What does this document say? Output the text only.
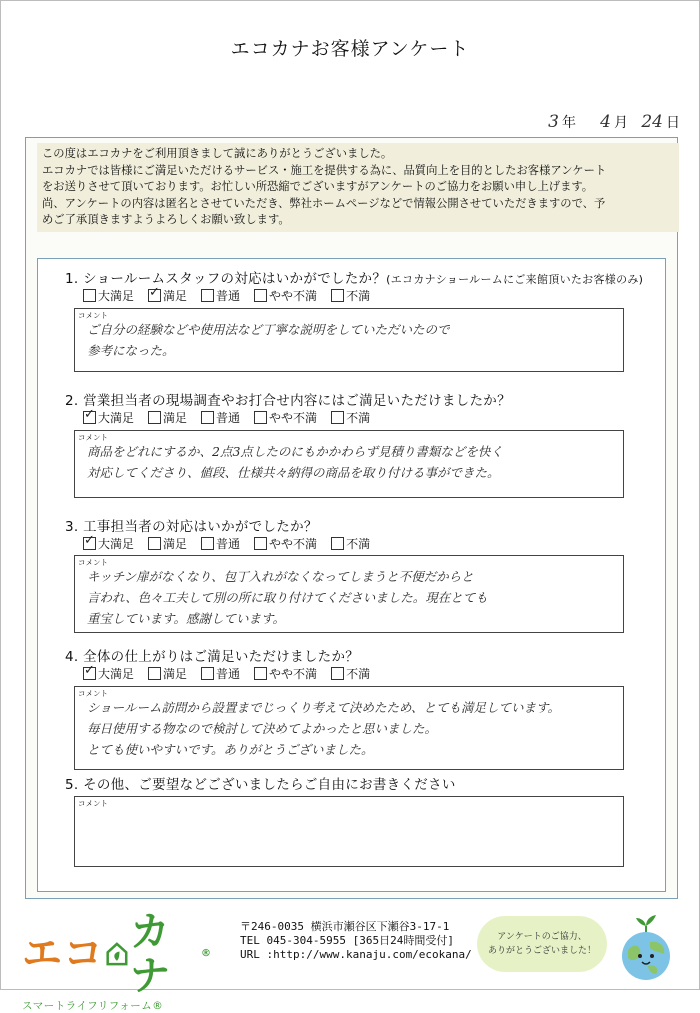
エコカナお客様アンケート
3 年	4 月 24 日
この度はエコカナをご利用頂きまして誠にありがとうございました。
エコカナでは皆様にご満足いただけるサービス・施工を提供する為に、品質向上を目的としたお客様アンケート
をお送りさせて頂いております。お忙しい所恐縮でございますがアンケートのご協力をお願い申し上げます。
尚、アンケートの内容は匿名とさせていただき、弊社ホームページなどで情報公開させていただきますので、予
めご了承頂きますようよろしくお願い致します。
1. ショールームスタッフの対応はいかがでしたか？(エコカナショールームにご来館頂いたお客様のみ)
大満足
✓ 満足 普通 やや不満 不満
コメント
ご自分の経験などや使用法など丁寧な説明をしていただいたので
参考になった。
2. 営業担当者の現場調査やお打合せ内容にはご満足いただけましたか？
✓
大満足 満足 普通 やや不満 不満
コメント
商品をどれにするか、2点3点したのにもかかわらず見積り書類などを快く
対応してくださり、値段、仕様共々納得の商品を取り付ける事ができた。
3. 工事担当者の対応はいかがでしたか？
✓
大満足 満足 普通 やや不満 不満
コメント
キッチン扉がなくなり、包丁入れがなくなってしまうと不便だからと
言われ、色々工夫して別の所に取り付けてくださいました。現在とても
重宝しています。感謝しています。
4. 全体の仕上がりはご満足いただけましたか？
✓
大満足 満足 普通 やや不満 不満
コメント
ショールーム訪問から設置までじっくり考えて決めたため、とても満足しています。
毎日使用する物なので検討して決めてよかったと思いました。
とても使いやすいです。ありがとうございました。
5. その他、ご要望などございましたらご自由にお書きください
コメント
エ コ カナ	®
スマートライフリフォーム®
〒246-0035 横浜市瀬谷区下瀬谷3-17-1
TEL 045-304-5955 [365日24時間受付]
URL :http://www.kanaju.com/ecokana/
アンケートのご協力、
ありがとうございました！
